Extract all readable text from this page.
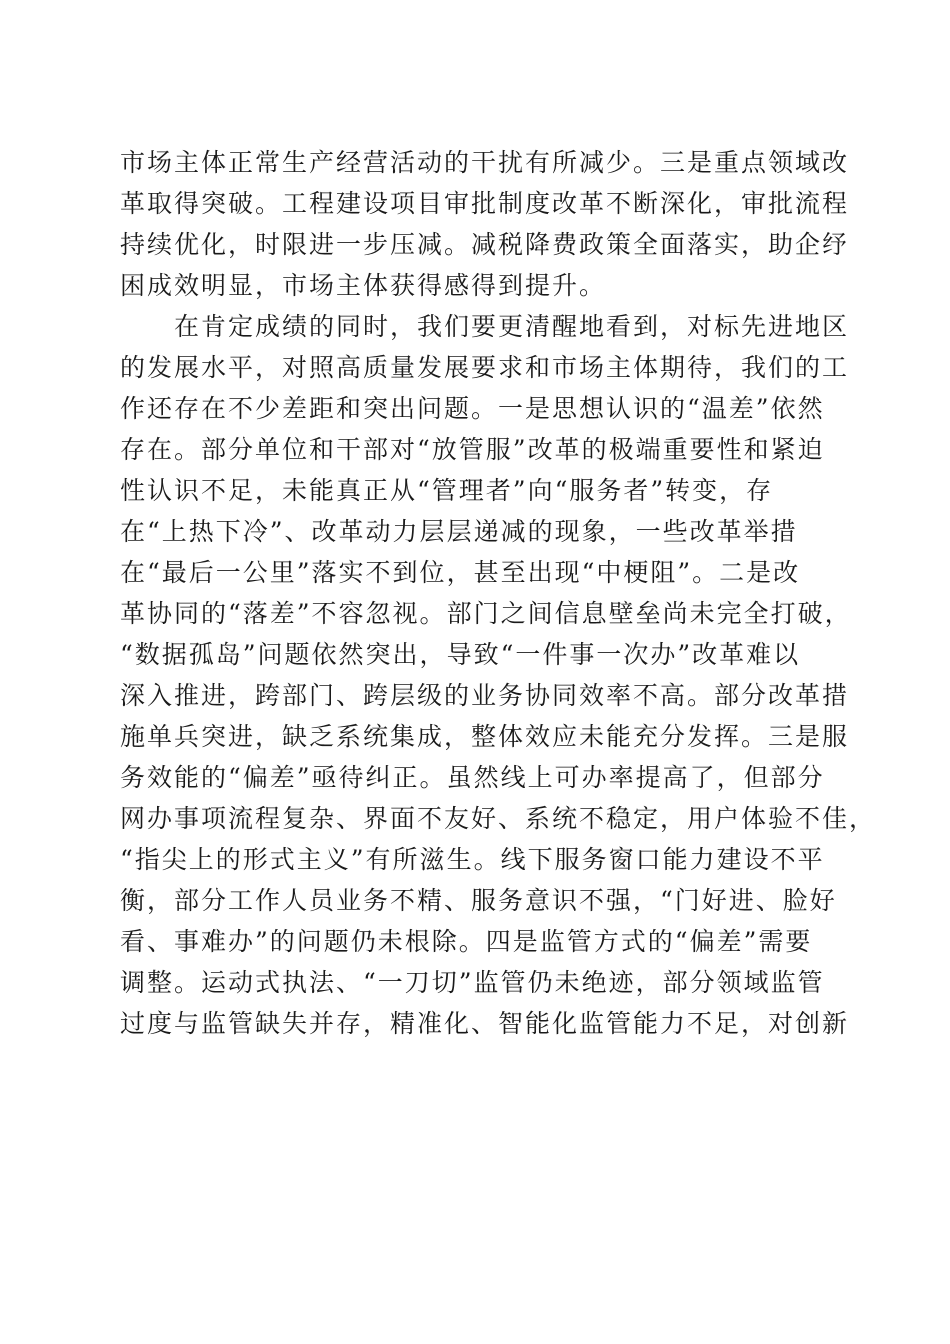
市场主体正常生产经营活动的干扰有所减少。三是重点领域改
革取得突破。工程建设项目审批制度改革不断深化，审批流程
持续优化，时限进一步压减。减税降费政策全面落实，助企纾
困成效明显，市场主体获得感得到提升。
在肯定成绩的同时，我们要更清醒地看到，对标先进地区
的发展水平，对照高质量发展要求和市场主体期待，我们的工
作还存在不少差距和突出问题。一是思想认识的“温差”依然
存在。部分单位和干部对“放管服”改革的极端重要性和紧迫
性认识不足，未能真正从“管理者”向“服务者”转变，存
在“上热下冷”、改革动力层层递减的现象，一些改革举措
在“最后一公里”落实不到位，甚至出现“中梗阻”。二是改
革协同的“落差”不容忽视。部门之间信息壁垒尚未完全打破，
“数据孤岛”问题依然突出，导致“一件事一次办”改革难以
深入推进，跨部门、跨层级的业务协同效率不高。部分改革措
施单兵突进，缺乏系统集成，整体效应未能充分发挥。三是服
务效能的“偏差”亟待纠正。虽然线上可办率提高了，但部分
网办事项流程复杂、界面不友好、系统不稳定，用户体验不佳，
“指尖上的形式主义”有所滋生。线下服务窗口能力建设不平
衡，部分工作人员业务不精、服务意识不强，“门好进、脸好
看、事难办”的问题仍未根除。四是监管方式的“偏差”需要
调整。运动式执法、“一刀切”监管仍未绝迹，部分领域监管
过度与监管缺失并存，精准化、智能化监管能力不足，对创新
